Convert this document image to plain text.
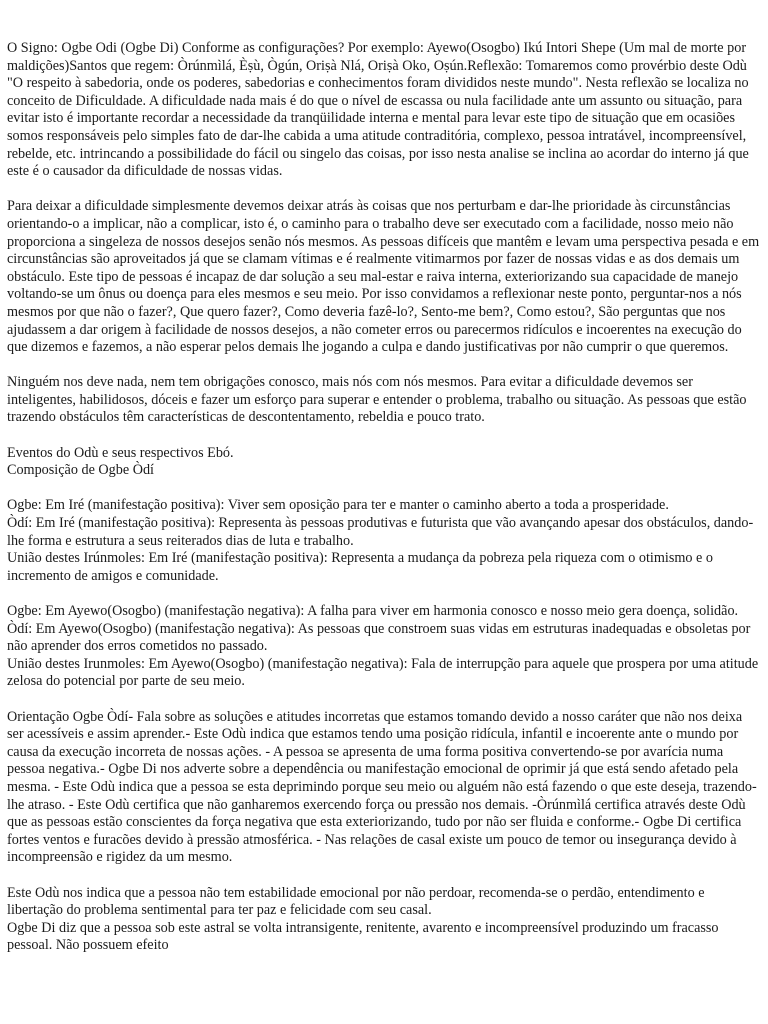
O Signo: Ogbe Odi (Ogbe Di) Conforme as configurações? Por exemplo: Ayewo(Osogbo) Ikú Intori Shepe (Um mal de morte por maldições)Santos que regem: Òrúnmìlá, Èṣù, Ògún, Oriṣà Nlá, Oriṣà Oko, Oṣún.Reflexão: Tomaremos como provérbio deste Odù "O respeito à sabedoria, onde os poderes, sabedorias e conhecimentos foram divididos neste mundo". Nesta reflexão se localiza no conceito de Dificuldade. A dificuldade nada mais é do que o nível de escassa ou nula facilidade ante um assunto ou situação, para evitar isto é importante recordar a necessidade da tranqüilidade interna e mental para levar este tipo de situação que em ocasiões somos responsáveis pelo simples fato de dar-lhe cabida a uma atitude contraditória, complexo, pessoa intratável, incompreensível, rebelde, etc. intrincando a possibilidade do fácil ou singelo das coisas, por isso nesta analise se inclina ao acordar do interno já que este é o causador da dificuldade de nossas vidas.

Para deixar a dificuldade simplesmente devemos deixar atrás às coisas que nos perturbam e dar-lhe prioridade às circunstâncias orientando-o a implicar, não a complicar, isto é, o caminho para o trabalho deve ser executado com a facilidade, nosso meio não proporciona a singeleza de nossos desejos senão nós mesmos. As pessoas difíceis que mantêm e levam uma perspectiva pesada e em circunstâncias são aproveitados já que se clamam vítimas e é realmente vitimarmos por fazer de nossas vidas e as dos demais um obstáculo. Este tipo de pessoas é incapaz de dar solução a seu mal-estar e raiva interna, exteriorizando sua capacidade de manejo voltando-se um ônus ou doença para eles mesmos e seu meio. Por isso convidamos a reflexionar neste ponto, perguntar-nos a nós mesmos por que não o fazer?, Que quero fazer?, Como deveria fazê-lo?, Sento-me bem?, Como estou?, São perguntas que nos ajudassem a dar origem à facilidade de nossos desejos, a não cometer erros ou parecermos ridículos e incoerentes na execução do que dizemos e fazemos, a não esperar pelos demais lhe jogando a culpa e dando justificativas por não cumprir o que queremos.

Ninguém nos deve nada, nem tem obrigações conosco, mais nós com nós mesmos. Para evitar a dificuldade devemos ser inteligentes, habilidosos, dóceis e fazer um esforço para superar e entender o problema, trabalho ou situação. As pessoas que estão trazendo obstáculos têm características de descontentamento, rebeldia e pouco trato.

Eventos do Odù e seus respectivos Ebó.
Composição de Ogbe Òdí

Ogbe: Em Iré (manifestação positiva): Viver sem oposição para ter e manter o caminho aberto a toda a prosperidade.
Òdí: Em Iré (manifestação positiva): Representa às pessoas produtivas e futurista que vão avançando apesar dos obstáculos, dando-lhe forma e estrutura a seus reiterados dias de luta e trabalho.
União destes Irúnmoles: Em Iré (manifestação positiva): Representa a mudança da pobreza pela riqueza com o otimismo e o incremento de amigos e comunidade.

Ogbe: Em Ayewo(Osogbo) (manifestação negativa): A falha para viver em harmonia conosco e nosso meio gera doença, solidão.
Òdí: Em Ayewo(Osogbo) (manifestação negativa): As pessoas que constroem suas vidas em estruturas inadequadas e obsoletas por não aprender dos erros cometidos no passado.
União destes Irunmoles: Em Ayewo(Osogbo) (manifestação negativa): Fala de interrupção para aquele que prospera por uma atitude zelosa do potencial por parte de seu meio.

Orientação Ogbe Òdí- Fala sobre as soluções e atitudes incorretas que estamos tomando devido a nosso caráter que não nos deixa ser acessíveis e assim aprender.- Este Odù indica que estamos tendo uma posição ridícula, infantil e incoerente ante o mundo por causa da execução incorreta de nossas ações. - A pessoa se apresenta de uma forma positiva convertendo-se por avarícia numa pessoa negativa.- Ogbe Di nos adverte sobre a dependência ou manifestação emocional de oprimir já que está sendo afetado pela mesma. - Este Odù indica que a pessoa se esta deprimindo porque seu meio ou alguém não está fazendo o que este deseja, trazendo-lhe atraso. - Este Odù certifica que não ganharemos exercendo força ou pressão nos demais. -Òrúnmìlá certifica através deste Odù que as pessoas estão conscientes da força negativa que esta exteriorizando, tudo por não ser fluida e conforme.- Ogbe Di certifica fortes ventos e furacões devido à pressão atmosférica. - Nas relações de casal existe um pouco de temor ou insegurança devido à incompreensão e rigidez da um mesmo.

Este Odù nos indica que a pessoa não tem estabilidade emocional por não perdoar, recomenda-se o perdão, entendimento e libertação do problema sentimental para ter paz e felicidade com seu casal.
Ogbe Di diz que a pessoa sob este astral se volta intransigente, renitente, avarento e incompreensível produzindo um fracasso pessoal. Não possuem efeito
